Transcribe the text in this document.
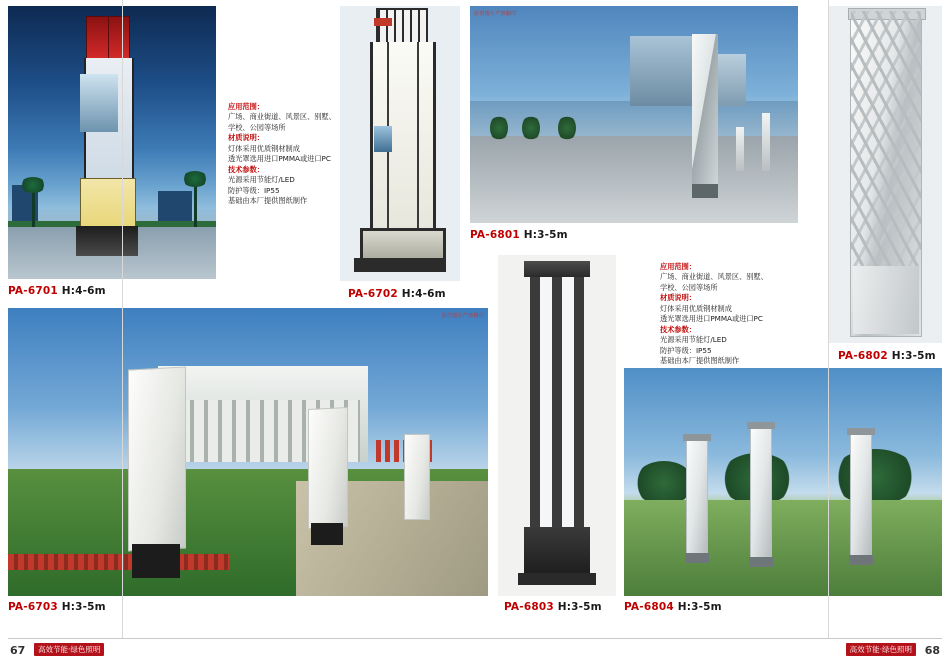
PA-6701 H:4-6m	PA-6702 H:4-6m
应用范围：
广场、商业街道、风景区、别墅、
学校、公园等场所
材质说明：
灯体采用优质钢材制成
透光罩选用进口PMMA或进口PC
技术参数：
光源采用节能灯/LED
防护等级：IP55
基础由本厂提供图纸制作
原创图片严禁翻印
PA-6801 H:3-5m
PA-6802 H:3-5m
应用范围：
广场、商业街道、风景区、别墅、
学校、公园等场所
材质说明：
灯体采用优质钢材制成
透光罩选用进口PMMA或进口PC
技术参数：
光源采用节能灯/LED
防护等级：IP55
基础由本厂提供图纸制作
原创图片严禁翻印
PA-6703 H:3-5m	PA-6803 H:3-5m PA-6804 H:3-5m
67	高效节能·绿色照明	68
高效节能·绿色照明
